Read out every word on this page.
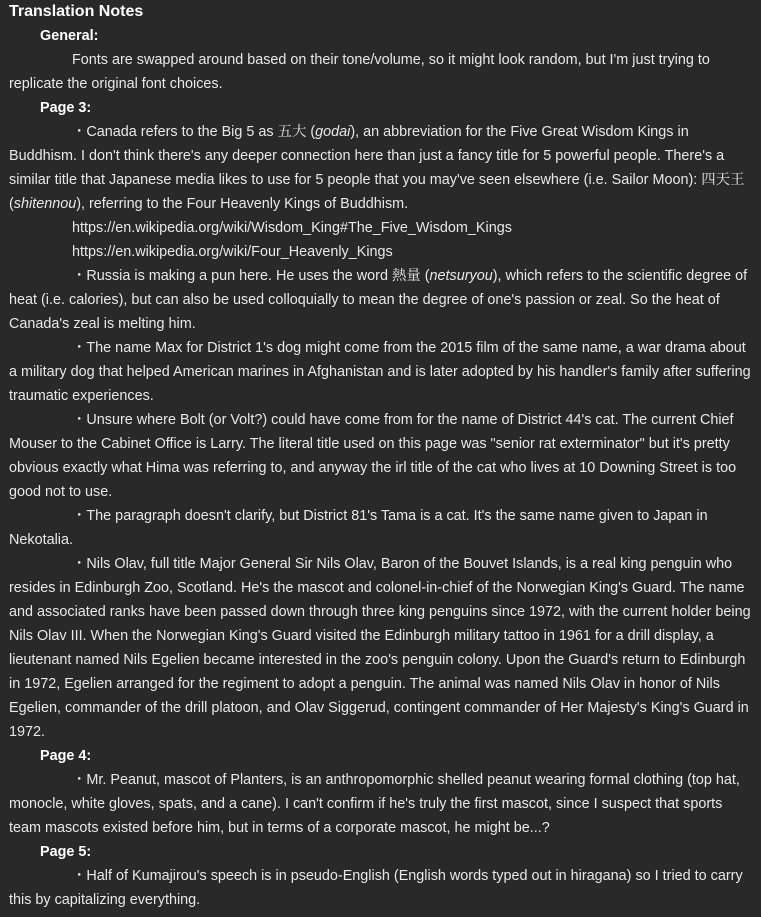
Translation Notes
General:

Fonts are swapped around based on their tone/volume, so it might look random, but I'm just trying to replicate the original font choices.

Page 3:

・Canada refers to the Big 5 as 五大 (godai), an abbreviation for the Five Great Wisdom Kings in Buddhism. I don't think there's any deeper connection here than just a fancy title for 5 powerful people. There's a similar title that Japanese media likes to use for 5 people that you may've seen elsewhere (i.e. Sailor Moon): 四天王 (shitennou), referring to the Four Heavenly Kings of Buddhism.

https://en.wikipedia.org/wiki/Wisdom_King#The_Five_Wisdom_Kings
https://en.wikipedia.org/wiki/Four_Heavenly_Kings

・Russia is making a pun here. He uses the word 熱量 (netsuryou), which refers to the scientific degree of heat (i.e. calories), but can also be used colloquially to mean the degree of one's passion or zeal. So the heat of Canada's zeal is melting him.

・The name Max for District 1's dog might come from the 2015 film of the same name, a war drama about a military dog that helped American marines in Afghanistan and is later adopted by his handler's family after suffering traumatic experiences.

・Unsure where Bolt (or Volt?) could have come from for the name of District 44's cat. The current Chief Mouser to the Cabinet Office is Larry. The literal title used on this page was "senior rat exterminator" but it's pretty obvious exactly what Hima was referring to, and anyway the irl title of the cat who lives at 10 Downing Street is too good not to use.

・The paragraph doesn't clarify, but District 81's Tama is a cat. It's the same name given to Japan in Nekotalia.

・Nils Olav, full title Major General Sir Nils Olav, Baron of the Bouvet Islands, is a real king penguin who resides in Edinburgh Zoo, Scotland. He's the mascot and colonel-in-chief of the Norwegian King's Guard. The name and associated ranks have been passed down through three king penguins since 1972, with the current holder being Nils Olav III. When the Norwegian King's Guard visited the Edinburgh military tattoo in 1961 for a drill display, a lieutenant named Nils Egelien became interested in the zoo's penguin colony. Upon the Guard's return to Edinburgh in 1972, Egelien arranged for the regiment to adopt a penguin. The animal was named Nils Olav in honor of Nils Egelien, commander of the drill platoon, and Olav Siggerud, contingent commander of Her Majesty's King's Guard in 1972.

Page 4:

・Mr. Peanut, mascot of Planters, is an anthropomorphic shelled peanut wearing formal clothing (top hat, monocle, white gloves, spats, and a cane). I can't confirm if he's truly the first mascot, since I suspect that sports team mascots existed before him, but in terms of a corporate mascot, he might be...?

Page 5:

・Half of Kumajirou's speech is in pseudo-English (English words typed out in hiragana) so I tried to carry this by capitalizing everything.
